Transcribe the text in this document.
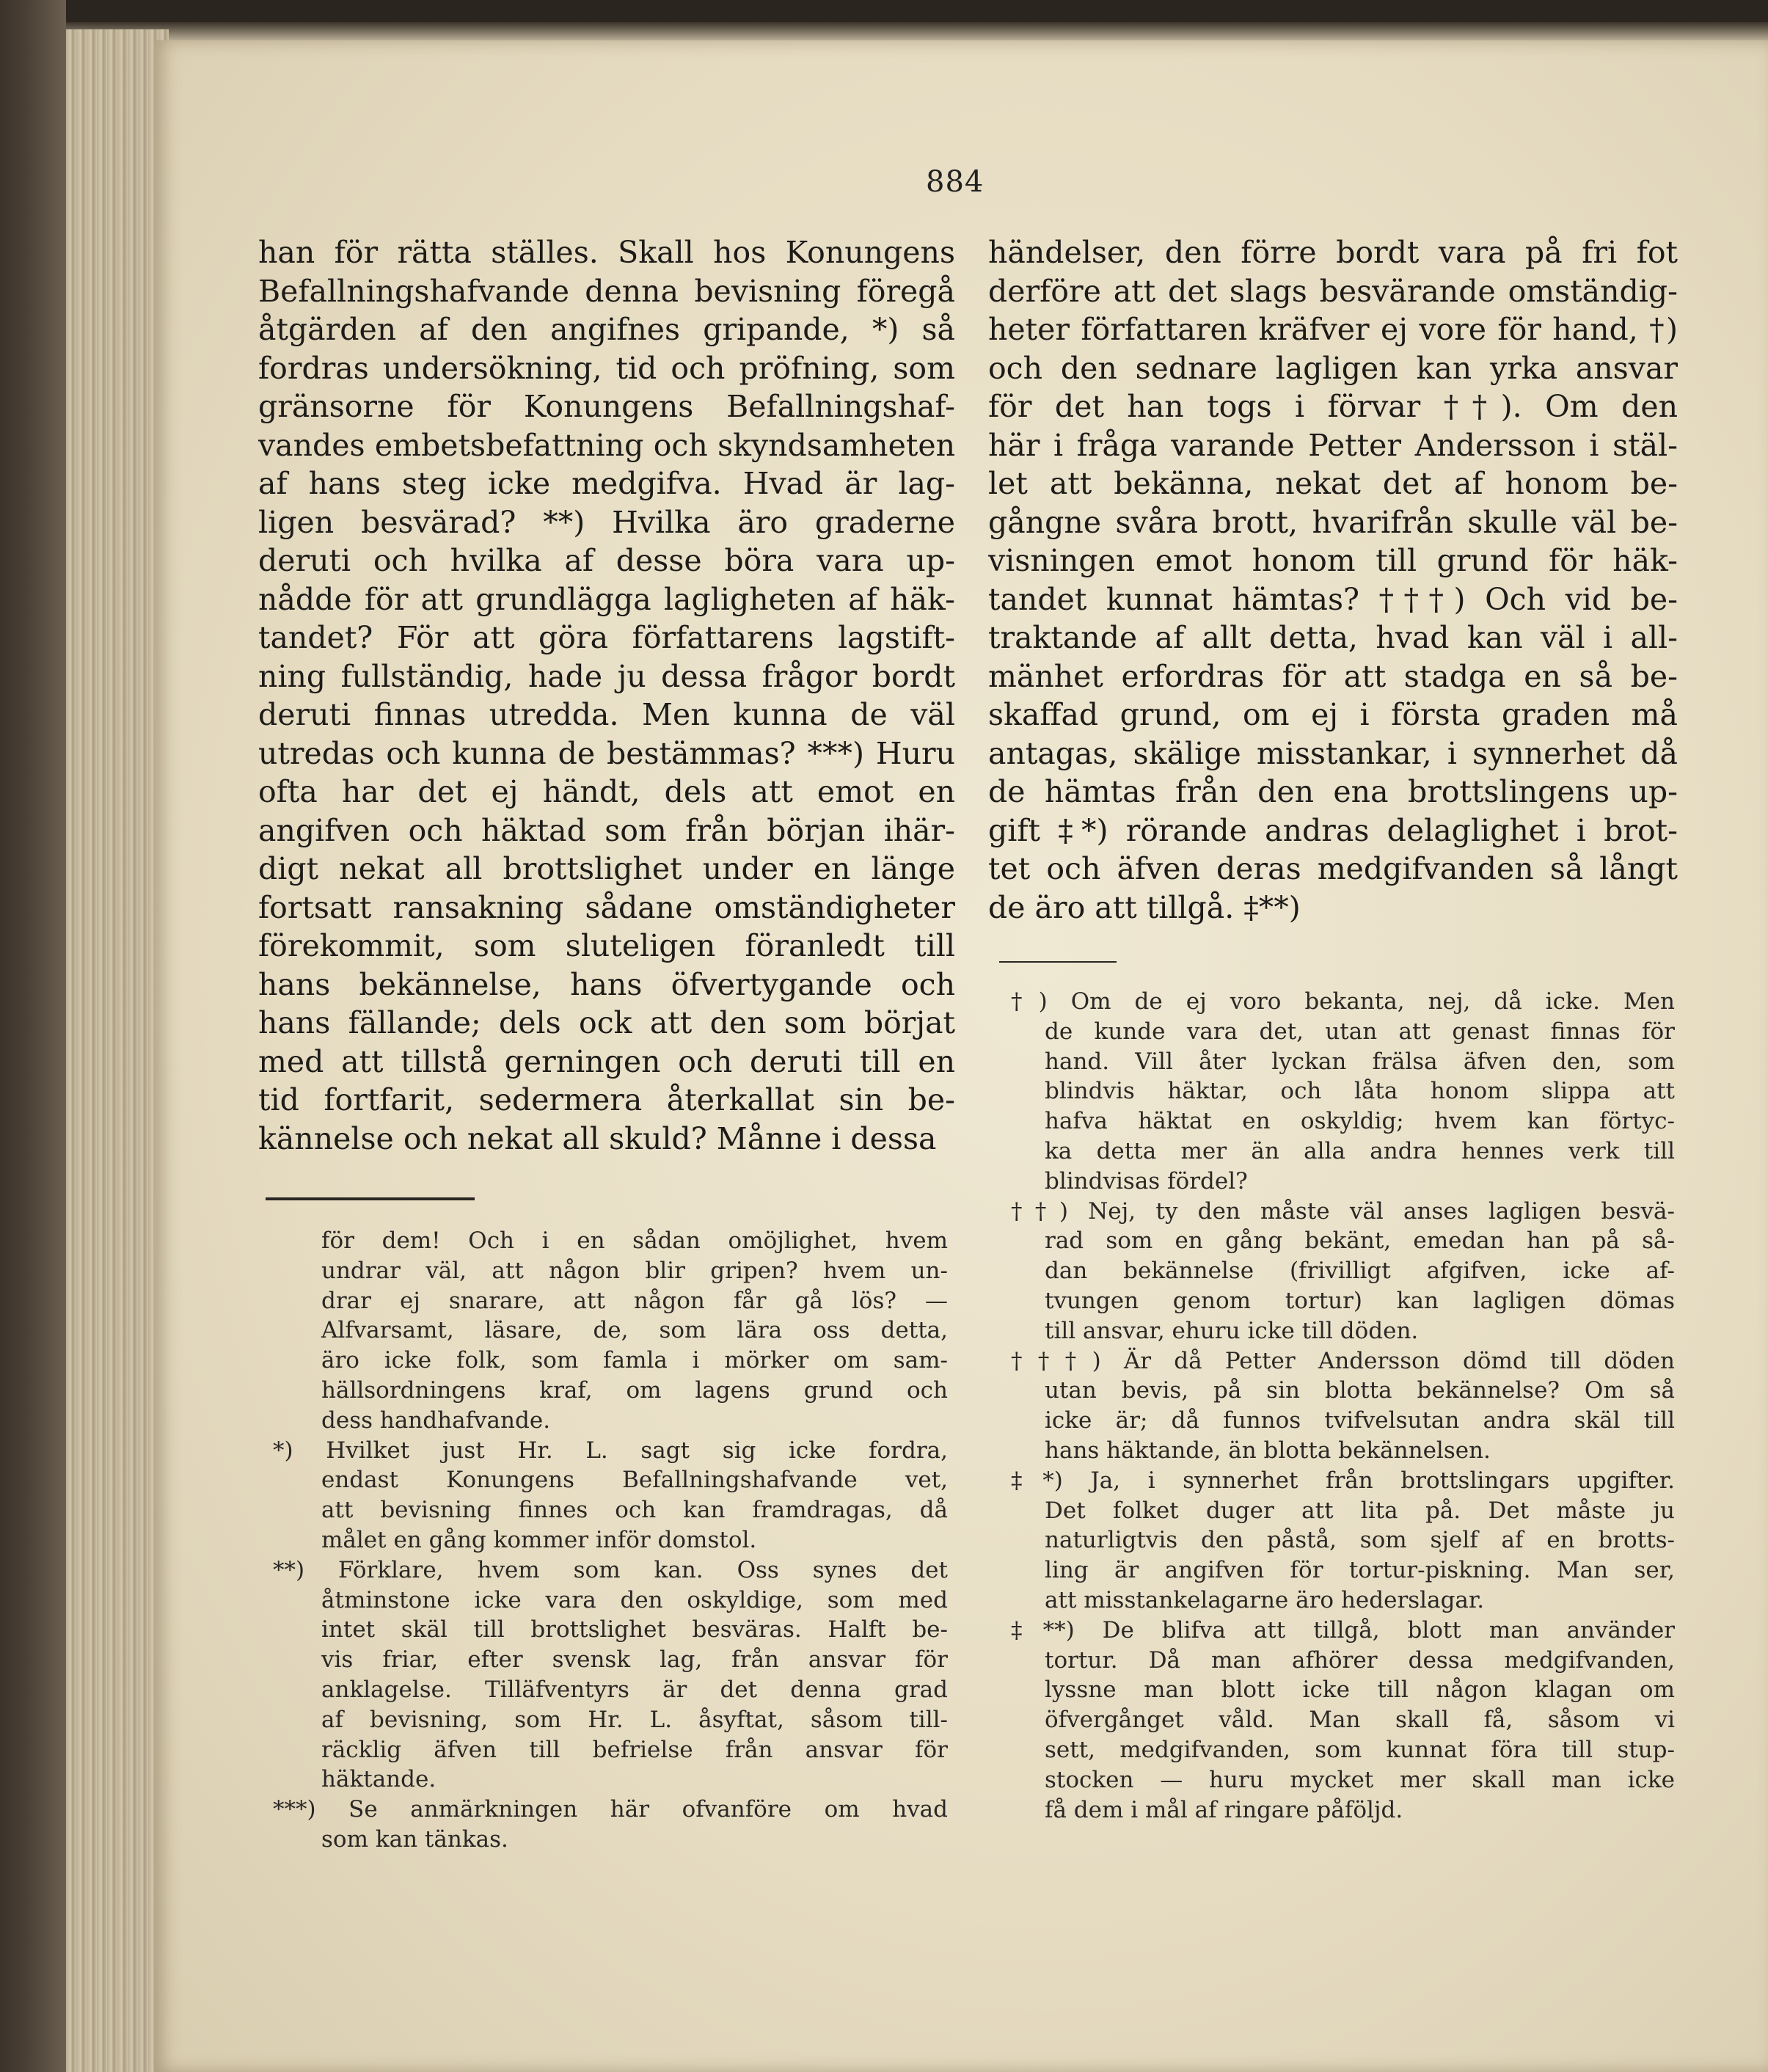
884
han för rätta ställes. Skall hos Konungens
Befallningshafvande denna bevisning föregå
åtgärden af den angifnes gripande, *) så
fordras undersökning, tid och pröfning, som
gränsorne för Konungens Befallningshaf-
vandes embetsbefattning och skyndsamheten
af hans steg icke medgifva. Hvad är lag-
ligen besvärad? **) Hvilka äro graderne
deruti och hvilka af desse böra vara up-
nådde för att grundlägga lagligheten af häk-
tandet? För att göra författarens lagstift-
ning fullständig, hade ju dessa frågor bordt
deruti finnas utredda. Men kunna de väl
utredas och kunna de bestämmas? ***) Huru
ofta har det ej händt, dels att emot en
angifven och häktad som från början ihär-
digt nekat all brottslighet under en länge
fortsatt ransakning sådane omständigheter
förekommit, som sluteligen föranledt till
hans bekännelse, hans öfvertygande och
hans fällande; dels ock att den som börjat
med att tillstå gerningen och deruti till en
tid fortfarit, sedermera återkallat sin be-
kännelse och nekat all skuld? Månne i dessa
händelser, den förre bordt vara på fri fot
derföre att det slags besvärande omständig-
heter författaren kräfver ej vore för hand, †)
och den sednare lagligen kan yrka ansvar
för det han togs i förvar ††). Om den
här i fråga varande Petter Andersson i stäl-
let att bekänna, nekat det af honom be-
gångne svåra brott, hvarifrån skulle väl be-
visningen emot honom till grund för häk-
tandet kunnat hämtas? †††) Och vid be-
traktande af allt detta, hvad kan väl i all-
mänhet erfordras för att stadga en så be-
skaffad grund, om ej i första graden må
antagas, skälige misstankar, i synnerhet då
de hämtas från den ena brottslingens up-
gift ‡*) rörande andras delaglighet i brot-
tet och äfven deras medgifvanden så långt
de äro att tillgå. ‡**)
för dem! Och i en sådan omöjlighet, hvem
undrar väl, att någon blir gripen? hvem un-
drar ej snarare, att någon får gå lös? —
Alfvarsamt, läsare, de, som lära oss detta,
äro icke folk, som famla i mörker om sam-
hällsordningens kraf, om lagens grund och
dess handhafvande.
*) Hvilket just Hr. L. sagt sig icke fordra,
endast Konungens Befallningshafvande vet,
att bevisning finnes och kan framdragas, då
målet en gång kommer inför domstol.
**) Förklare, hvem som kan. Oss synes det
åtminstone icke vara den oskyldige, som med
intet skäl till brottslighet besväras. Halft be-
vis friar, efter svensk lag, från ansvar för
anklagelse. Tilläfventyrs är det denna grad
af bevisning, som Hr. L. åsyftat, såsom till-
räcklig äfven till befrielse från ansvar för
häktande.
***) Se anmärkningen här ofvanföre om hvad
som kan tänkas.
†) Om de ej voro bekanta, nej, då icke. Men
de kunde vara det, utan att genast finnas för
hand. Vill åter lyckan frälsa äfven den, som
blindvis häktar, och låta honom slippa att
hafva häktat en oskyldig; hvem kan förtyc-
ka detta mer än alla andra hennes verk till
blindvisas fördel?
††) Nej, ty den måste väl anses lagligen besvä-
rad som en gång bekänt, emedan han på så-
dan bekännelse (frivilligt afgifven, icke af-
tvungen genom tortur) kan lagligen dömas
till ansvar, ehuru icke till döden.
†††) Är då Petter Andersson dömd till döden
utan bevis, på sin blotta bekännelse? Om så
icke är; då funnos tvifvelsutan andra skäl till
hans häktande, än blotta bekännelsen.
‡*) Ja, i synnerhet från brottslingars upgifter.
Det folket duger att lita på. Det måste ju
naturligtvis den påstå, som sjelf af en brotts-
ling är angifven för tortur-piskning. Man ser,
att misstankelagarne äro hederslagar.
‡**) De blifva att tillgå, blott man använder
tortur. Då man afhörer dessa medgifvanden,
lyssne man blott icke till någon klagan om
öfvergånget våld. Man skall få, såsom vi
sett, medgifvanden, som kunnat föra till stup-
stocken — huru mycket mer skall man icke
få dem i mål af ringare påföljd.
